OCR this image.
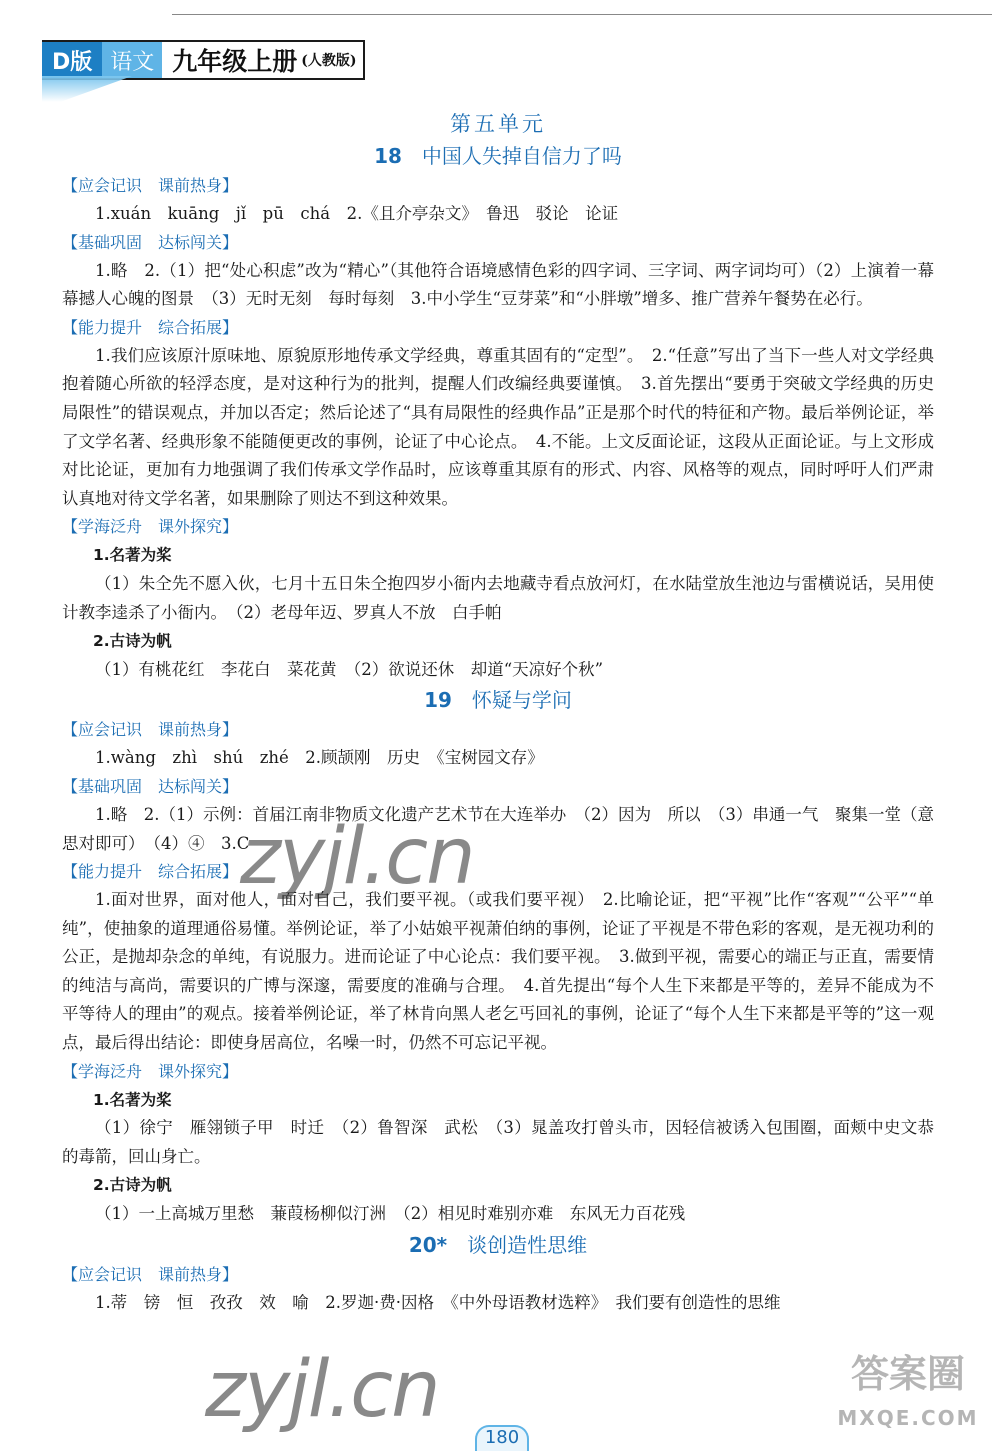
D版 语文 九年级上册 (人教版)
第五单元
18 中国人失掉自信力了吗
【应会记识　课前热身】
1.xuán　kuāng　jǐ　pū　chá　2.《且介亭杂文》　鲁迅　驳论　论证
【基础巩固　达标闯关】
1.略　2.（1）把“处心积虑”改为“精心”（其他符合语境感情色彩的四字词、三字词、两字词均可）（2）上演着一幕幕撼人心魄的图景　（3）无时无刻　每时每刻　3.中小学生“豆芽菜”和“小胖墩”增多、推广营养午餐势在必行。
【能力提升　综合拓展】
1.我们应该原汁原味地、原貌原形地传承文学经典，尊重其固有的“定型”。　2.“任意”写出了当下一些人对文学经典抱着随心所欲的轻浮态度，是对这种行为的批判，提醒人们改编经典要谨慎。　3.首先摆出“要勇于突破文学经典的历史局限性”的错误观点，并加以否定；然后论述了“具有局限性的经典作品”正是那个时代的特征和产物。最后举例论证，举了文学名著、经典形象不能随便更改的事例，论证了中心论点。　4.不能。上文反面论证，这段从正面论证。与上文形成对比论证，更加有力地强调了我们传承文学作品时，应该尊重其原有的形式、内容、风格等的观点，同时呼吁人们严肃认真地对待文学名著，如果删除了则达不到这种效果。
【学海泛舟　课外探究】
1.名著为桨
（1）朱仝先不愿入伙，七月十五日朱仝抱四岁小衙内去地藏寺看点放河灯，在水陆堂放生池边与雷横说话，吴用使计教李逵杀了小衙内。　（2）老母年迈、罗真人不放　白手帕
2.古诗为帆
（1）有桃花红　李花白　菜花黄　（2）欲说还休　却道“天凉好个秋”
19 怀疑与学问
【应会记识　课前热身】
1.wàng　zhì　shú　zhé　2.顾颉刚　历史　《宝树园文存》
【基础巩固　达标闯关】
1.略　2.（1）示例：首届江南非物质文化遗产艺术节在大连举办　（2）因为　所以　（3）串通一气　聚集一堂（意思对即可）　（4）④　3.C
【能力提升　综合拓展】
1.面对世界，面对他人，面对自己，我们要平视。（或我们要平视）　2.比喻论证，把“平视”比作“客观”“公平”“单纯”，使抽象的道理通俗易懂。举例论证，举了小姑娘平视萧伯纳的事例，论证了平视是不带色彩的客观，是无视功利的公正，是抛却杂念的单纯，有说服力。进而论证了中心论点：我们要平视。　3.做到平视，需要心的端正与正直，需要情的纯洁与高尚，需要识的广博与深邃，需要度的准确与合理。　4.首先提出“每个人生下来都是平等的，差异不能成为不平等待人的理由”的观点。接着举例论证，举了林肯向黑人老乞丐回礼的事例，论证了“每个人生下来都是平等的”这一观点，最后得出结论：即使身居高位，名噪一时，仍然不可忘记平视。
【学海泛舟　课外探究】
1.名著为桨
（1）徐宁　雁翎锁子甲　时迁　（2）鲁智深　武松　（3）晁盖攻打曾头市，因轻信被诱入包围圈，面颊中史文恭的毒箭，回山身亡。
2.古诗为帆
（1）一上高城万里愁　蒹葭杨柳似汀洲　（2）相见时难别亦难　东风无力百花残
20* 谈创造性思维
【应会记识　课前热身】
1.蒂　镑　恒　孜孜　效　喻　2.罗迦·费·因格　《中外母语教材选粹》　我们要有创造性的思维
zyjl.cn
zyjl.cn	答案圈
MXQE.COM
180
